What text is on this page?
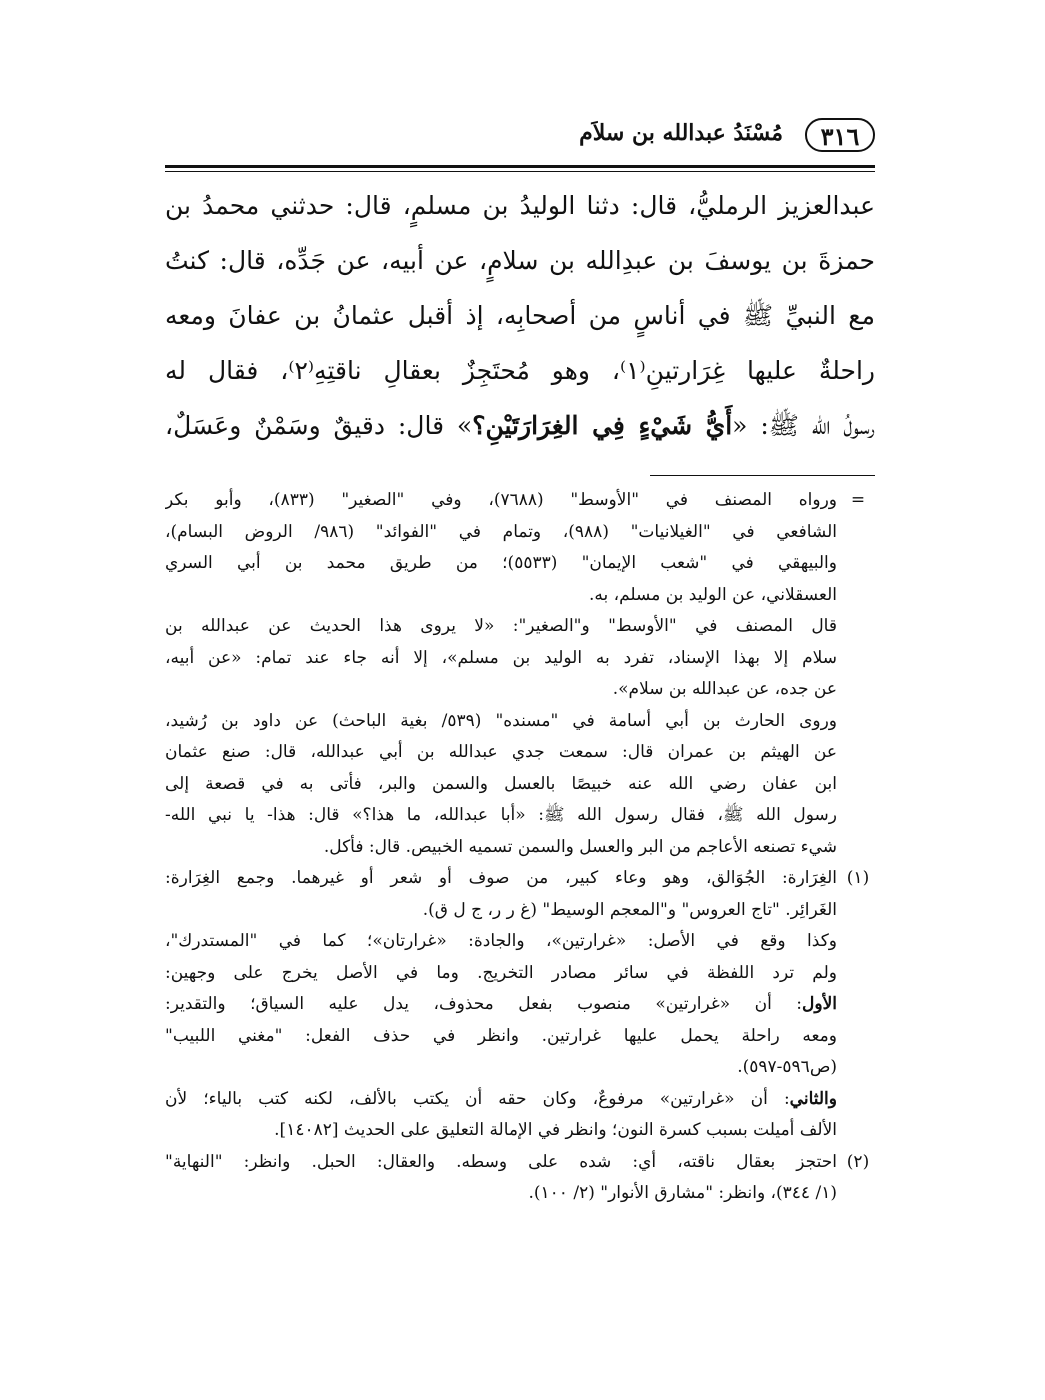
٣١٦
مُسْنَدُ عبدالله بن سلاَم
عبدالعزيز الرمليُّ، قال: دثنا الوليدُ بن مسلمٍ، قال: حدثني محمدُ بن
حمزةَ بن يوسفَ بن عبدِالله بن سلامٍ، عن أبيه، عن جَدِّه، قال: كنتُ
مع النبيِّ ﷺ في أناسٍ من أصحابِه، إذ أقبل عثمانُ بن عفانَ ومعه
راحلةٌ عليها غِرَارتينِ⁽١⁾، وهو مُحتَجِزٌ بعقالِ ناقتِهِ⁽٢⁾، فقال له
رسولُ الله ﷺ: «أَيُّ شَيْءٍ فِي الغِرَارَتَيْنِ؟» قال: دقيقٌ وسَمْنٌ وعَسَلٌ،
=
ورواه المصنف في "الأوسط" (٧٦٨٨)، وفي "الصغير" (٨٣٣)، وأبو بكر
الشافعي في "الغيلانيات" (٩٨٨)، وتمام في "الفوائد" (٩٨٦/ الروض البسام)،
والبيهقي في "شعب الإيمان" (٥٥٣٣)؛ من طريق محمد بن أبي السري
العسقلاني، عن الوليد بن مسلم، به.
قال المصنف في "الأوسط" و"الصغير": «لا يروى هذا الحديث عن عبدالله بن
سلام إلا بهذا الإسناد، تفرد به الوليد بن مسلم»، إلا أنه جاء عند تمام: «عن أبيه،
عن جده، عن عبدالله بن سلام».
وروى الحارث بن أبي أسامة في "مسنده" (٥٣٩/ بغية الباحث) عن داود بن رُشيد،
عن الهيثم بن عمران قال: سمعت جدي عبدالله بن أبي عبدالله، قال: صنع عثمان
ابن عفان رضي الله عنه خبيصًا بالعسل والسمن والبر، فأتى به في قصعة إلى
رسول الله ﷺ، فقال رسول الله ﷺ: «أبا عبدالله، ما هذا؟» قال: هذا- يا نبي الله-
شيء تصنعه الأعاجم من البر والعسل والسمن تسميه الخبيص. قال: فأكل.
(١)
الغِرَارة: الجُوَالق، وهو وعاء كبير، من صوف أو شعر أو غيرهما. وجمع الغِرَارة:
الغَرائِر. "تاج العروس" و"المعجم الوسيط" (غ ر ر، ج ل ق).
وكذا وقع في الأصل: «غرارتين»، والجادة: «غرارتان»؛ كما في "المستدرك"،
ولم ترد اللفظة في سائر مصادر التخريج. وما في الأصل يخرج على وجهين:
الأول: أن «غرارتين» منصوب بفعل محذوف، يدل عليه السياق؛ والتقدير:
ومعه راحلة يحمل عليها غرارتين. وانظر في حذف الفعل: "مغني اللبيب"
(ص٥٩٦-٥٩٧).
والثاني: أن «غرارتين» مرفوعٌ، وكان حقه أن يكتب بالألف، لكنه كتب بالياء؛ لأن
الألف أميلت بسبب كسرة النون؛ وانظر في الإمالة التعليق على الحديث [١٤٠٨٢].
(٢)
احتجز بعقال ناقته، أي: شده على وسطه. والعقال: الحبل. وانظر: "النهاية"
(١/ ٣٤٤)، وانظر: "مشارق الأنوار" (٢/ ١٠٠).
